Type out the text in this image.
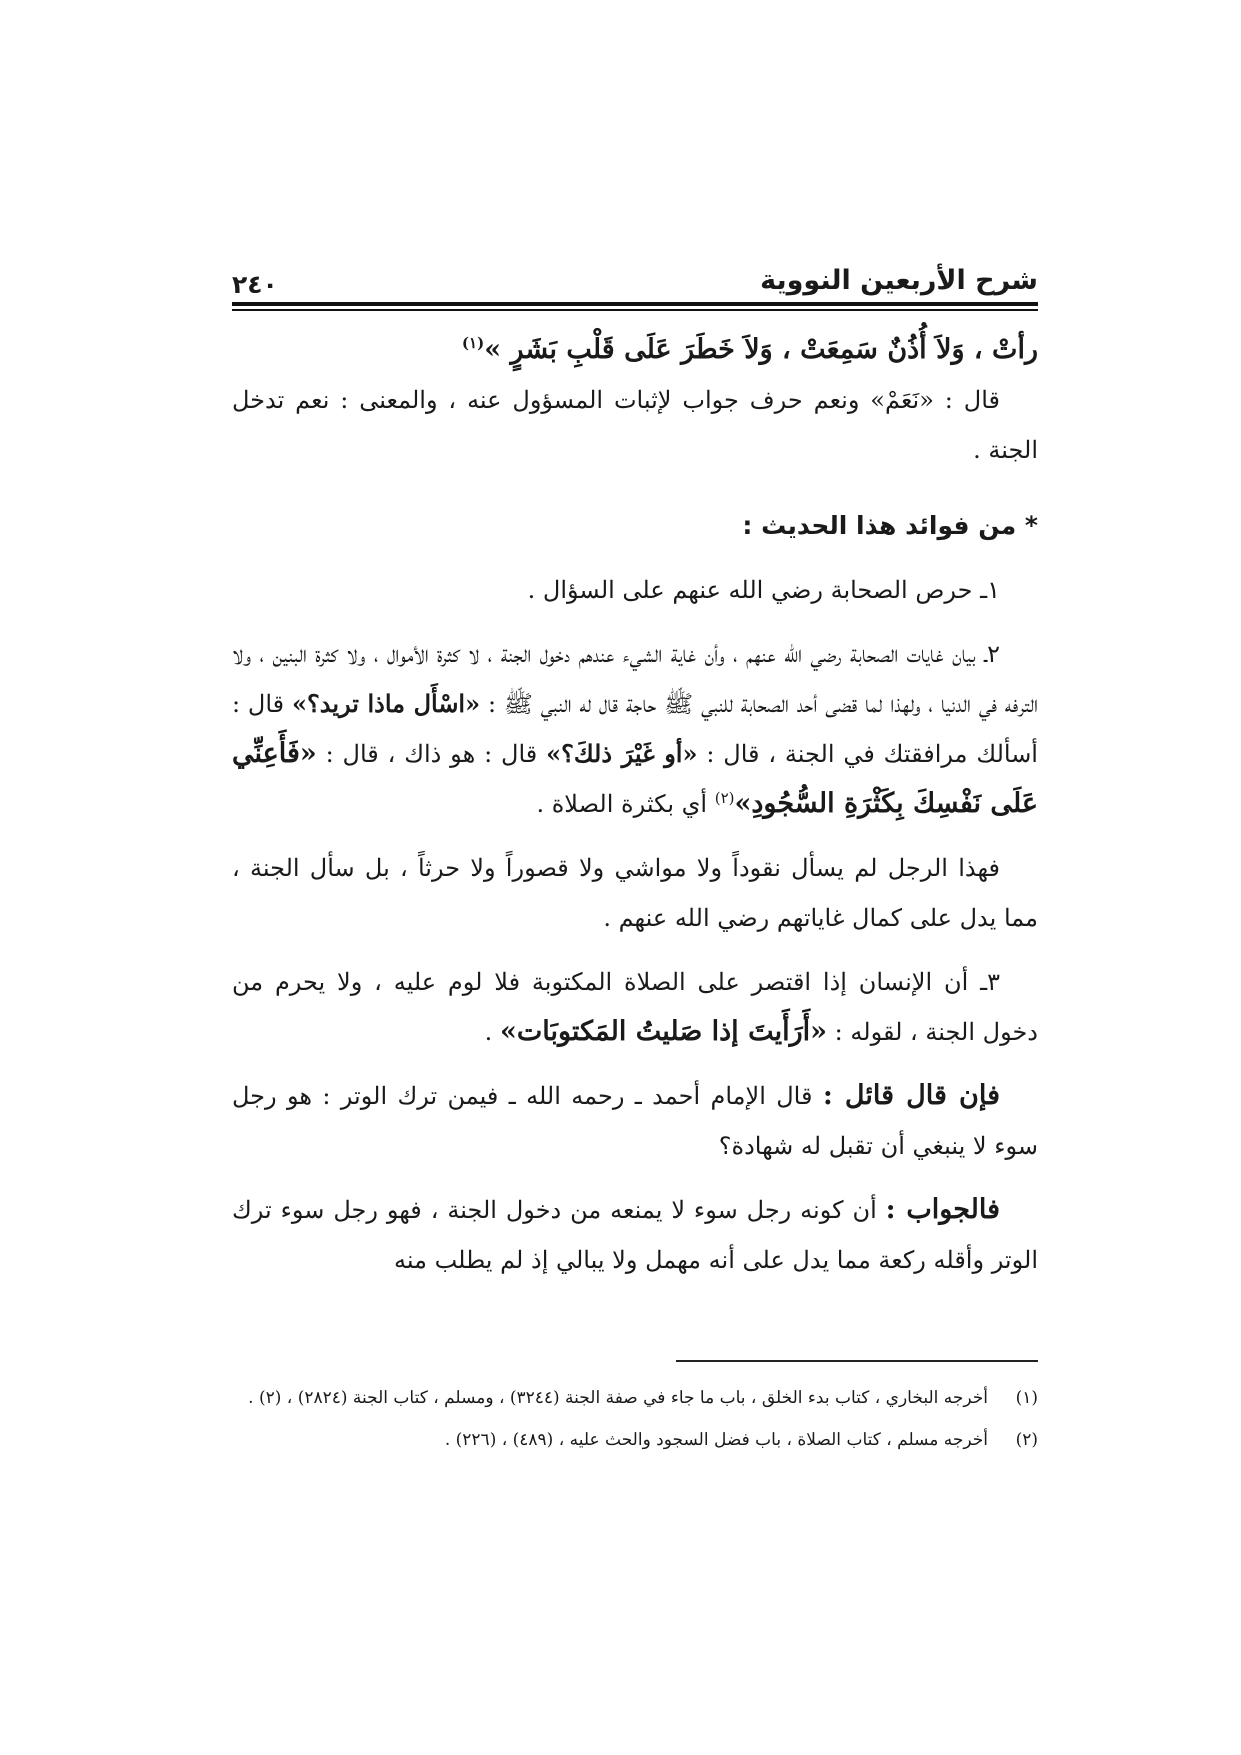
شرح الأربعين النووية
٢٤٠

رأتْ ، وَلاَ أُذُنٌ سَمِعَتْ ، وَلاَ خَطَرَ عَلَى قَلْبِ بَشَرٍ »$^{(١)}$

قال : «نَعَمْ» ونعم حرف جواب لإثبات المسؤول عنه ، والمعنى : نعم تدخل الجنة .

* من فوائد هذا الحديث :

١ـ حرص الصحابة رضي الله عنهم على السؤال .

٢ـ بيان غايات الصحابة رضي الله عنهم ، وأن غاية الشيء عندهم دخول الجنة ، لا كثرة الأموال ، ولا كثرة البنين ، ولا الترفه في الدنيا ، ولهذا لما قضى أحد الصحابة للنبي ﷺ حاجة قال له النبي ﷺ : «اسْأَل ماذا تريد؟» قال : أسألك مرافقتك في الجنة ، قال : «أو غَيْرَ ذلكَ؟» قال : هو ذاك ، قال : «فَأَعِنِّي عَلَى نَفْسِكَ بِكَثْرَةِ السُّجُودِ»$^{(٢)}$ أي بكثرة الصلاة .

فهذا الرجل لم يسأل نقوداً ولا مواشي ولا قصوراً ولا حرثاً ، بل سأل الجنة ، مما يدل على كمال غاياتهم رضي الله عنهم .

٣ـ أن الإنسان إذا اقتصر على الصلاة المكتوبة فلا لوم عليه ، ولا يحرم من دخول الجنة ، لقوله : «أَرَأَيتَ إذا صَليتُ المَكتوبَات» .

فإن قال قائل : قال الإمام أحمد ـ رحمه الله ـ فيمن ترك الوتر : هو رجل سوء لا ينبغي أن تقبل له شهادة؟

فالجواب : أن كونه رجل سوء لا يمنعه من دخول الجنة ، فهو رجل سوء ترك الوتر وأقله ركعة مما يدل على أنه مهمل ولا يبالي إذ لم يطلب منه

(١)
أخرجه البخاري ، كتاب بدء الخلق ، باب ما جاء في صفة الجنة (٣٢٤٤) ، ومسلم ، كتاب الجنة (٢٨٢٤) ، (٢) .
(٢)
أخرجه مسلم ، كتاب الصلاة ، باب فضل السجود والحث عليه ، (٤٨٩) ، (٢٢٦) .
